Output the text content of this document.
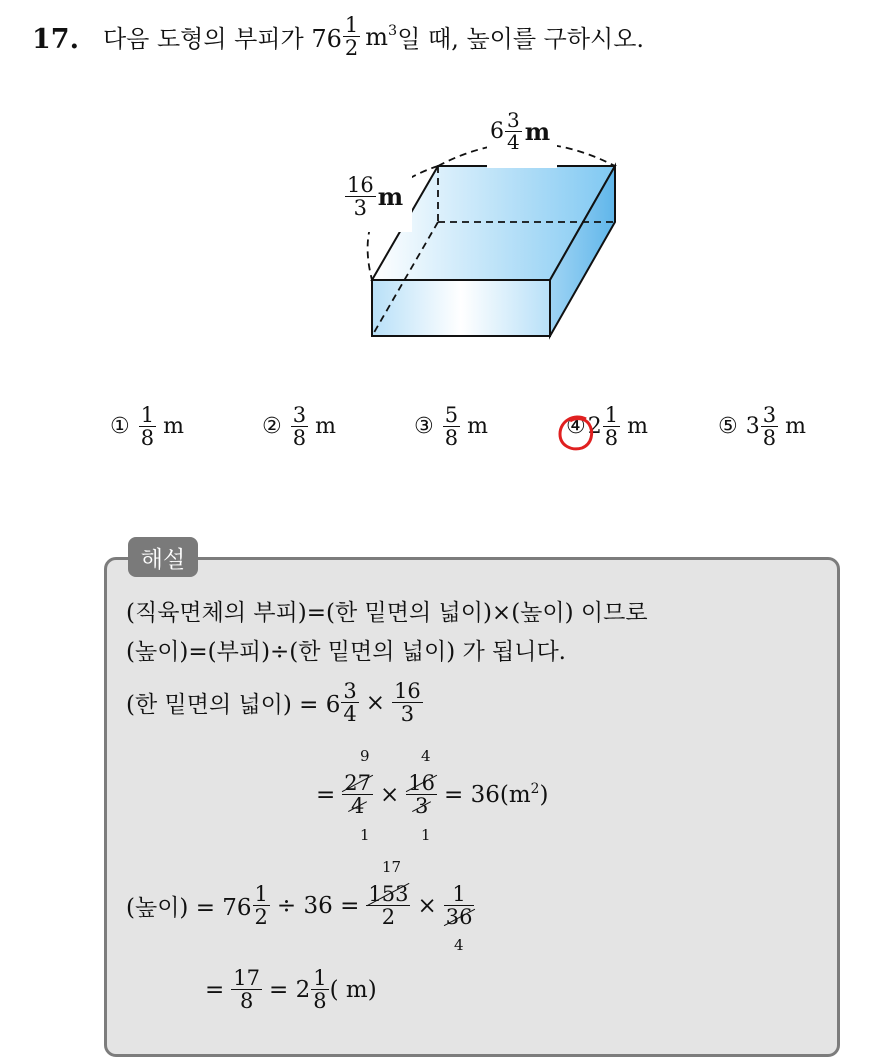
17. 다음 도형의 부피가 76
1
2 $m^3$ 일 때, 높이를 구하시오.
6 3
4 m
16
3 m
① 1
8 m	② 3
8 m	③ 5
8 m	④ 2 1
8 m	⑤ 3 3
8 m
해설
(직육면체의 부피)=(한 밑면의 넓이)×(높이) 이므로
(높이)=(부피)÷(한 밑면의 넓이) 가 됩니다.
(한 밑면의 넓이) = 6
3
4 × 16
3
= 27
4 × 16
3 = 36( $m^2$ )
9
1
4
1
(높이) = 76
1
2 ÷ 36 = 153
2 × 1
36
17
4
= 17
8 = 2 1
8 ( m)
